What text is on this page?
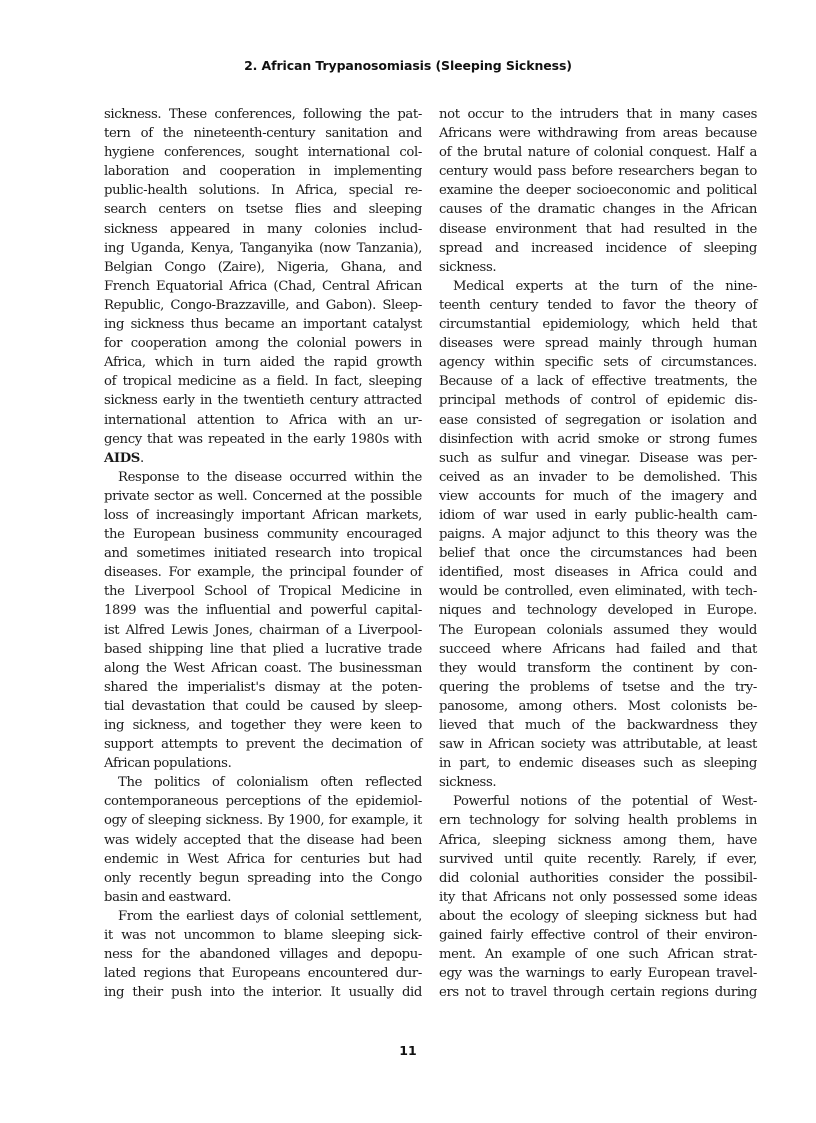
2. African Trypanosomiasis (Sleeping Sickness)
sickness. These conferences, following the pat-
tern of the nineteenth-century sanitation and
hygiene conferences, sought international col-
laboration and cooperation in implementing
public-health solutions. In Africa, special re-
search centers on tsetse flies and sleeping
sickness appeared in many colonies includ-
ing Uganda, Kenya, Tanganyika (now Tanzania),
Belgian Congo (Zaire), Nigeria, Ghana, and
French Equatorial Africa (Chad, Central African
Republic, Congo-Brazzaville, and Gabon). Sleep-
ing sickness thus became an important catalyst
for cooperation among the colonial powers in
Africa, which in turn aided the rapid growth
of tropical medicine as a field. In fact, sleeping
sickness early in the twentieth century attracted
international attention to Africa with an ur-
gency that was repeated in the early 1980s with
AIDS.
Response to the disease occurred within the
private sector as well. Concerned at the possible
loss of increasingly important African markets,
the European business community encouraged
and sometimes initiated research into tropical
diseases. For example, the principal founder of
the Liverpool School of Tropical Medicine in
1899 was the influential and powerful capital-
ist Alfred Lewis Jones, chairman of a Liverpool-
based shipping line that plied a lucrative trade
along the West African coast. The businessman
shared the imperialist's dismay at the poten-
tial devastation that could be caused by sleep-
ing sickness, and together they were keen to
support attempts to prevent the decimation of
African populations.
The politics of colonialism often reflected
contemporaneous perceptions of the epidemiol-
ogy of sleeping sickness. By 1900, for example, it
was widely accepted that the disease had been
endemic in West Africa for centuries but had
only recently begun spreading into the Congo
basin and eastward.
From the earliest days of colonial settlement,
it was not uncommon to blame sleeping sick-
ness for the abandoned villages and depopu-
lated regions that Europeans encountered dur-
ing their push into the interior. It usually did
not occur to the intruders that in many cases
Africans were withdrawing from areas because
of the brutal nature of colonial conquest. Half a
century would pass before researchers began to
examine the deeper socioeconomic and political
causes of the dramatic changes in the African
disease environment that had resulted in the
spread and increased incidence of sleeping
sickness.
Medical experts at the turn of the nine-
teenth century tended to favor the theory of
circumstantial epidemiology, which held that
diseases were spread mainly through human
agency within specific sets of circumstances.
Because of a lack of effective treatments, the
principal methods of control of epidemic dis-
ease consisted of segregation or isolation and
disinfection with acrid smoke or strong fumes
such as sulfur and vinegar. Disease was per-
ceived as an invader to be demolished. This
view accounts for much of the imagery and
idiom of war used in early public-health cam-
paigns. A major adjunct to this theory was the
belief that once the circumstances had been
identified, most diseases in Africa could and
would be controlled, even eliminated, with tech-
niques and technology developed in Europe.
The European colonials assumed they would
succeed where Africans had failed and that
they would transform the continent by con-
quering the problems of tsetse and the try-
panosome, among others. Most colonists be-
lieved that much of the backwardness they
saw in African society was attributable, at least
in part, to endemic diseases such as sleeping
sickness.
Powerful notions of the potential of West-
ern technology for solving health problems in
Africa, sleeping sickness among them, have
survived until quite recently. Rarely, if ever,
did colonial authorities consider the possibil-
ity that Africans not only possessed some ideas
about the ecology of sleeping sickness but had
gained fairly effective control of their environ-
ment. An example of one such African strat-
egy was the warnings to early European travel-
ers not to travel through certain regions during
11
